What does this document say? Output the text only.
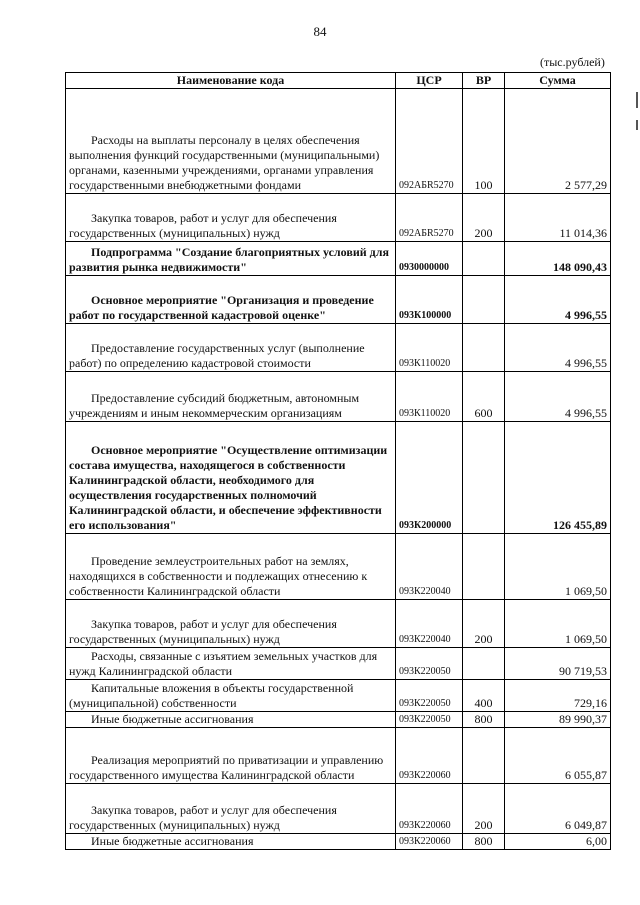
84
(тыс.рублей)
Наименование кода	ЦСР	ВР	Сумма

Расходы на выплаты персоналу в целях обеспечения выполнения функций государственными (муниципальными) органами, казенными учреждениями, органами управления государственными внебюджетными фондами	092АБR5270	100	2 577,29

Закупка товаров, работ и услуг для обеспечения государственных (муниципальных) нужд	092АБR5270	200	11 014,36

Подпрограмма "Создание благоприятных условий для развития рынка недвижимости"	0930000000		148 090,43

Основное мероприятие "Организация и проведение работ по государственной кадастровой оценке"	093К100000		4 996,55

Предоставление государственных услуг (выполнение работ) по определению кадастровой стоимости	093К110020		4 996,55

Предоставление субсидий бюджетным, автономным учреждениям и иным некоммерческим организациям	093К110020	600	4 996,55

Основное мероприятие "Осуществление оптимизации состава имущества, находящегося в собственности Калининградской области, необходимого для осуществления государственных полномочий Калининградской области, и обеспечение эффективности его использования"	093К200000		126 455,89

Проведение землеустроительных работ на землях, находящихся в собственности и подлежащих отнесению к собственности Калининградской области	093К220040		1 069,50

Закупка товаров, работ и услуг для обеспечения государственных (муниципальных) нужд	093К220040	200	1 069,50

Расходы, связанные с изъятием земельных участков для нужд Калининградской области	093К220050		90 719,53

Капитальные вложения в объекты государственной (муниципальной) собственности	093К220050	400	729,16

Иные бюджетные ассигнования	093К220050	800	89 990,37

Реализация мероприятий по приватизации и управлению государственного имущества Калининградской области	093К220060		6 055,87

Закупка товаров, работ и услуг для обеспечения государственных (муниципальных) нужд	093К220060	200	6 049,87

Иные бюджетные ассигнования	093К220060	800	6,00
